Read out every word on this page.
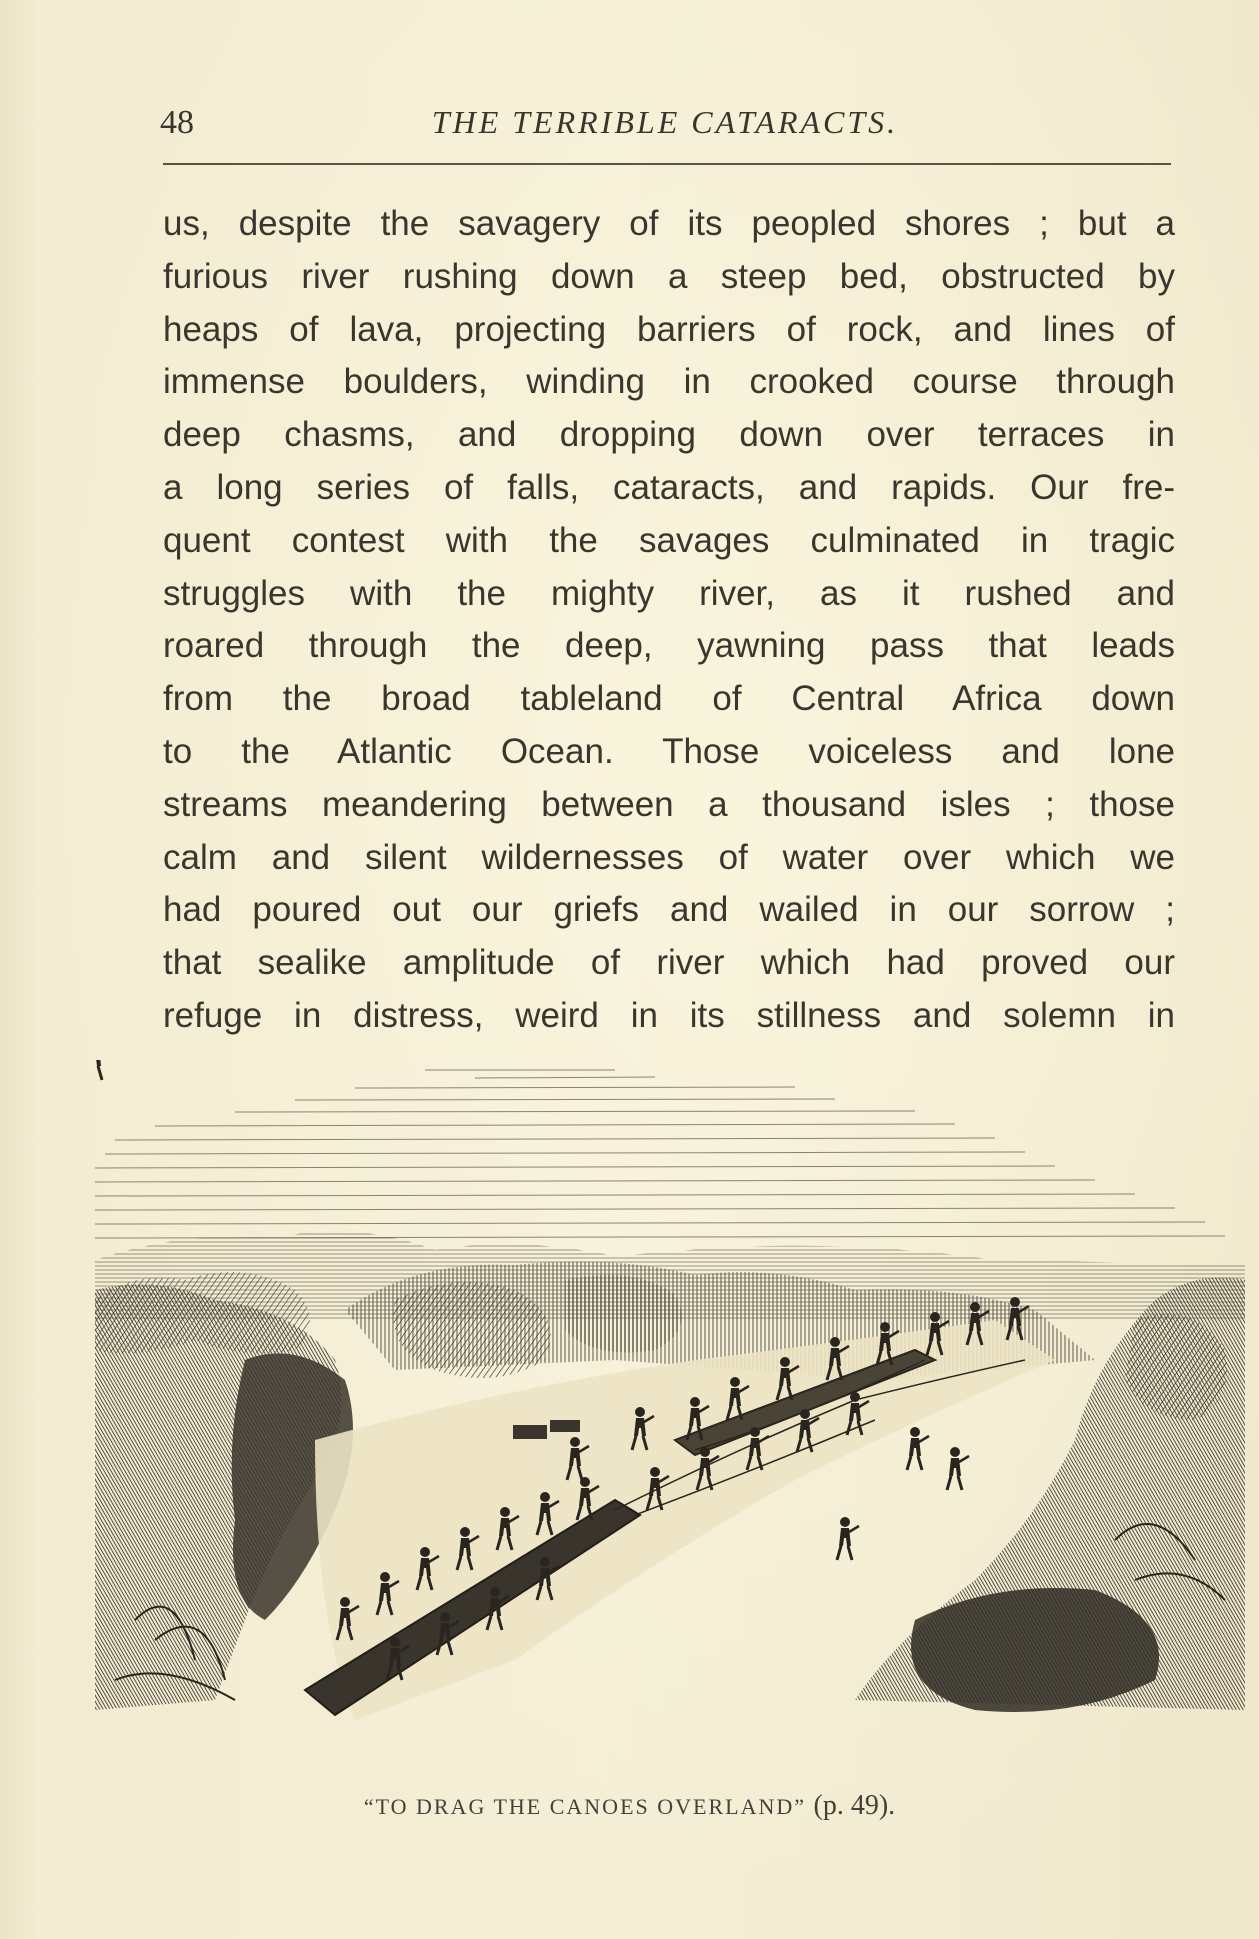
48	THE TERRIBLE CATARACTS.
us, despite the savagery of its peopled shores ; but a
furious river rushing down a steep bed, obstructed by
heaps of lava, projecting barriers of rock, and lines of
immense boulders, winding in crooked course through
deep chasms, and dropping down over terraces in
a long series of falls, cataracts, and rapids. Our fre-
quent contest with the savages culminated in tragic
struggles with the mighty river, as it rushed and
roared through the deep, yawning pass that leads
from the broad tableland of Central Africa down
to the Atlantic Ocean. Those voiceless and lone
streams meandering between a thousand isles ; those
calm and silent wildernesses of water over which we
had poured out our griefs and wailed in our sorrow ;
that sealike amplitude of river which had proved our
refuge in distress, weird in its stillness and solemn in
“TO DRAG THE CANOES OVERLAND” (p. 49).
